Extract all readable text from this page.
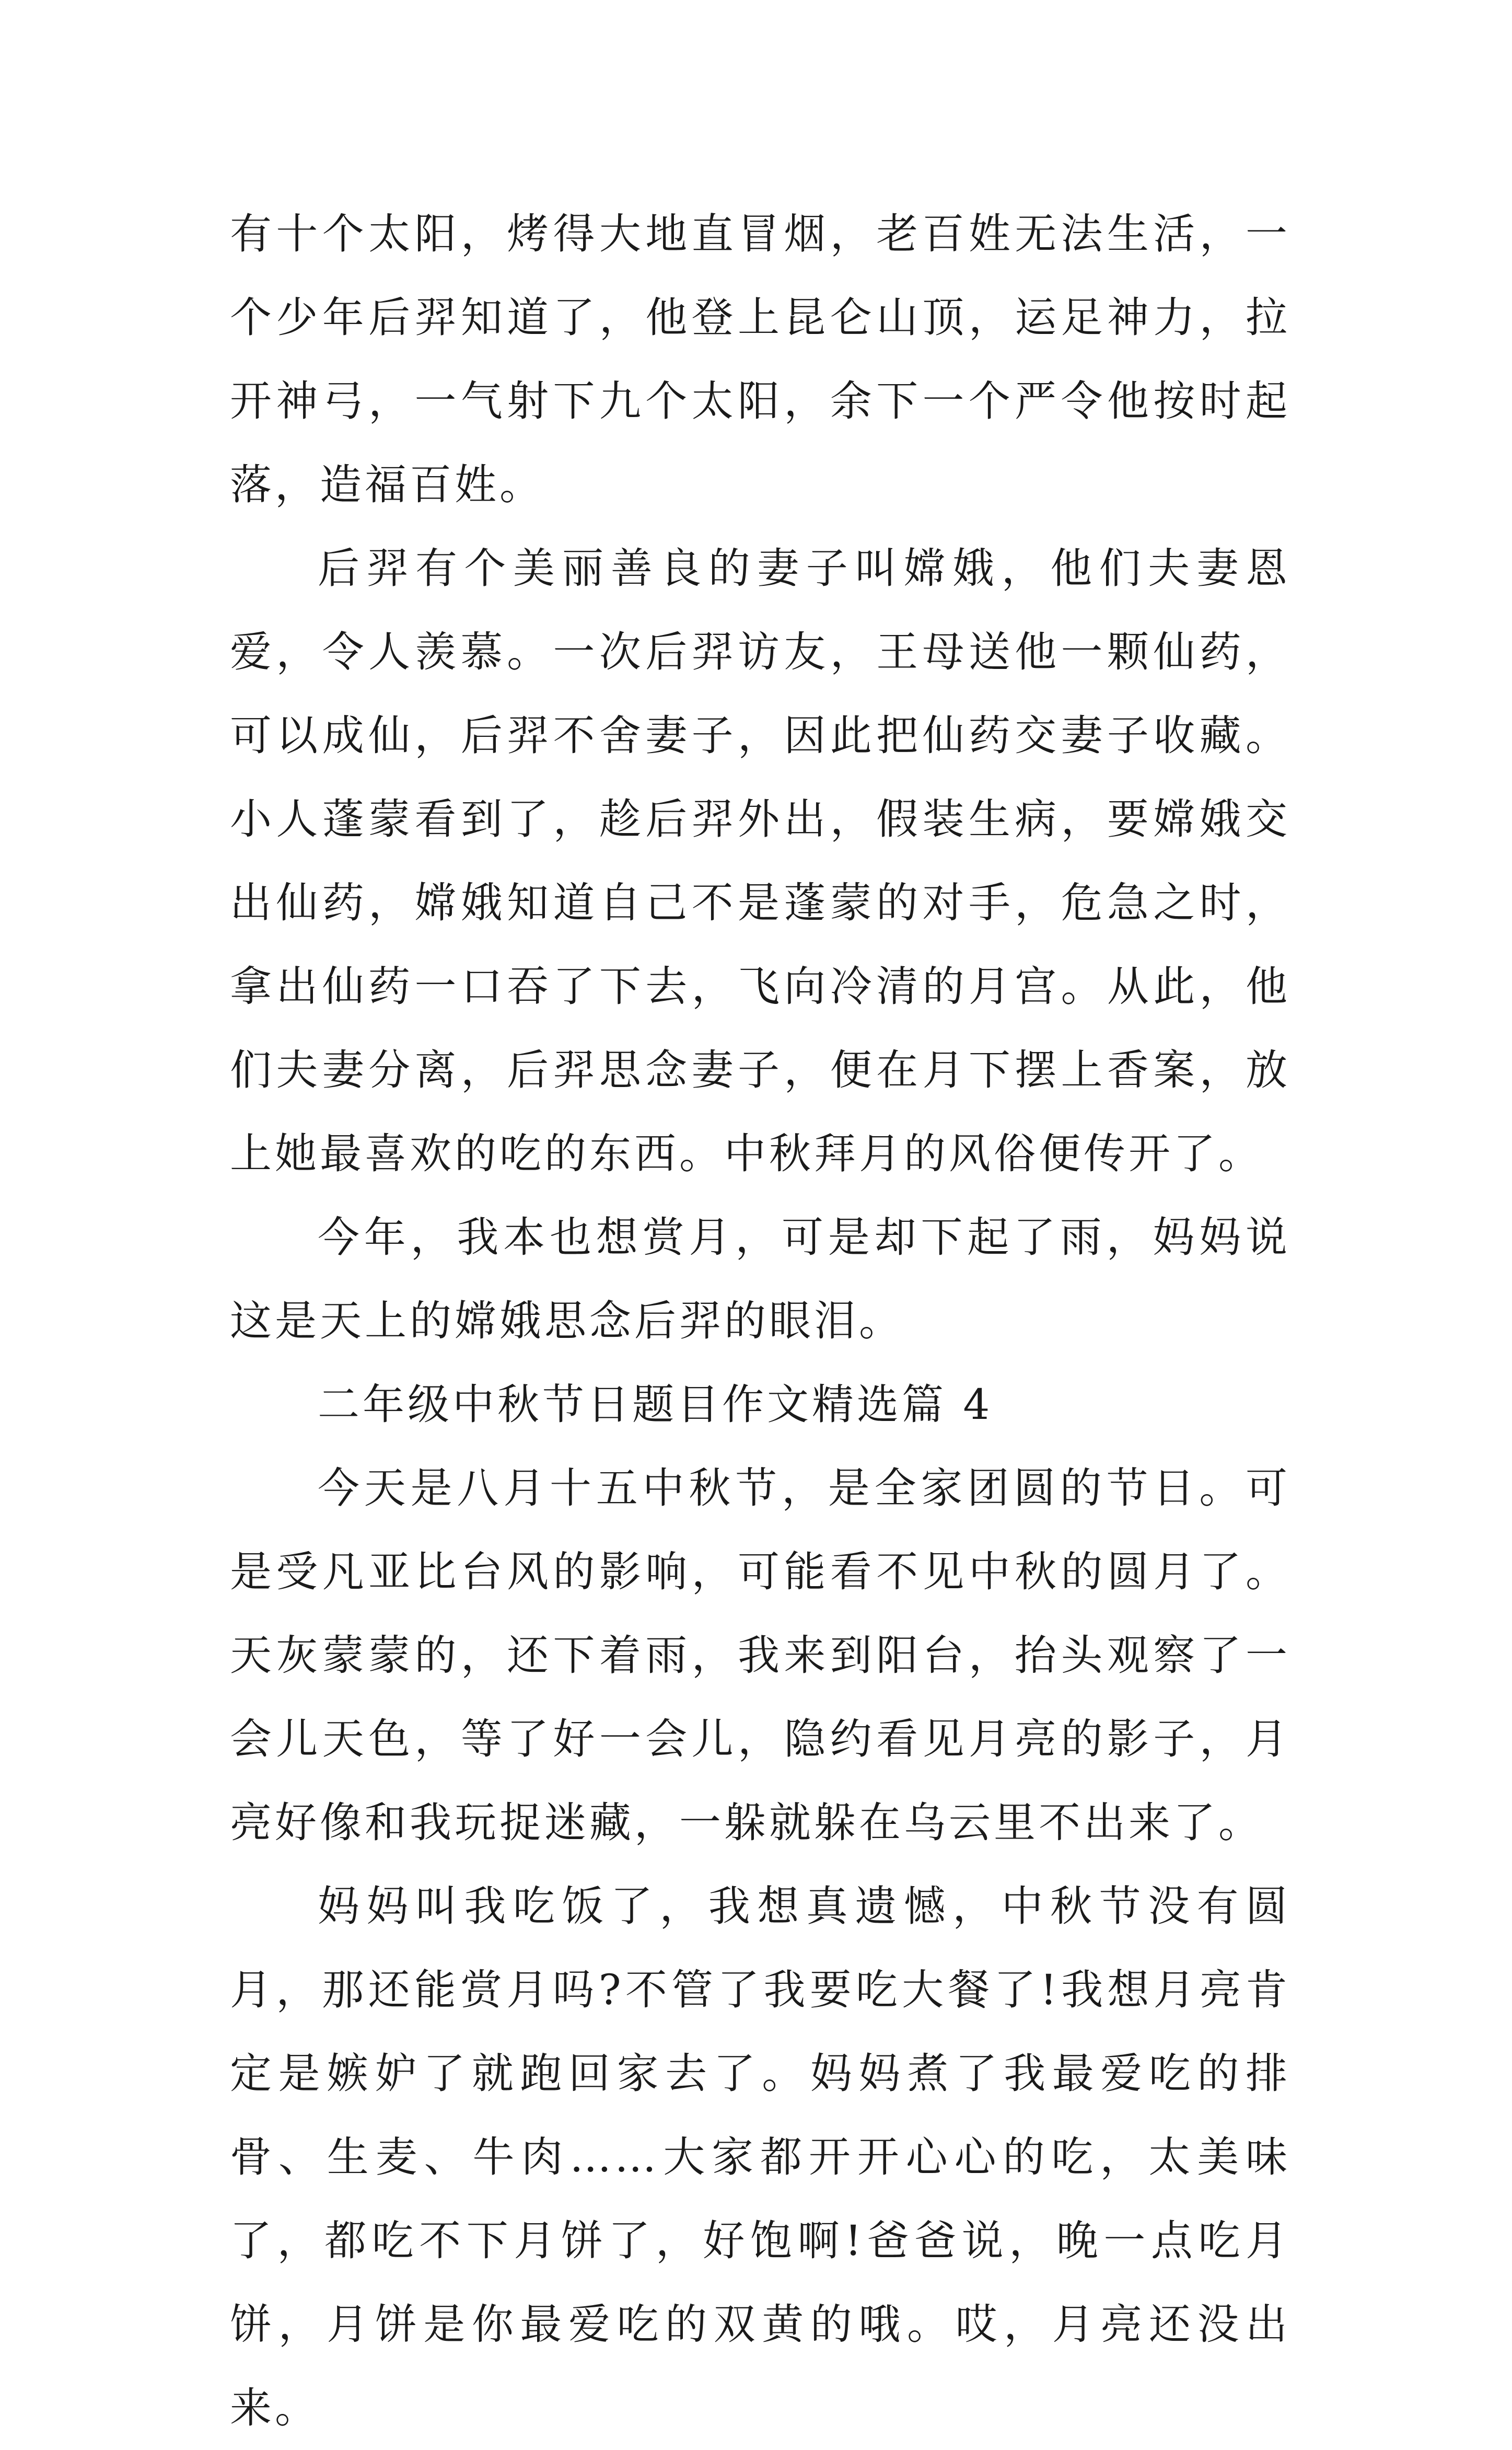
有十个太阳，烤得大地直冒烟，老百姓无法生活，一个少年后羿知道了，他登上昆仑山顶，运足神力，拉开神弓，一气射下九个太阳，余下一个严令他按时起落，造福百姓。

后羿有个美丽善良的妻子叫嫦娥，他们夫妻恩爱，令人羡慕。一次后羿访友，王母送他一颗仙药，可以成仙，后羿不舍妻子，因此把仙药交妻子收藏。小人蓬蒙看到了，趁后羿外出，假装生病，要嫦娥交出仙药，嫦娥知道自己不是蓬蒙的对手，危急之时，拿出仙药一口吞了下去，飞向冷清的月宫。从此，他们夫妻分离，后羿思念妻子，便在月下摆上香案，放上她最喜欢的吃的东西。中秋拜月的风俗便传开了。

今年，我本也想赏月，可是却下起了雨，妈妈说这是天上的嫦娥思念后羿的眼泪。

二年级中秋节日题目作文精选篇 4

今天是八月十五中秋节，是全家团圆的节日。可是受凡亚比台风的影响，可能看不见中秋的圆月了。天灰蒙蒙的，还下着雨，我来到阳台，抬头观察了一会儿天色，等了好一会儿，隐约看见月亮的影子，月亮好像和我玩捉迷藏，一躲就躲在乌云里不出来了。

妈妈叫我吃饭了，我想真遗憾，中秋节没有圆月，那还能赏月吗?不管了我要吃大餐了!我想月亮肯定是嫉妒了就跑回家去了。妈妈煮了我最爱吃的排骨、生麦、牛肉……大家都开开心心的吃，太美味了，都吃不下月饼了，好饱啊!爸爸说，晚一点吃月饼，月饼是你最爱吃的双黄的哦。哎，月亮还没出来。
